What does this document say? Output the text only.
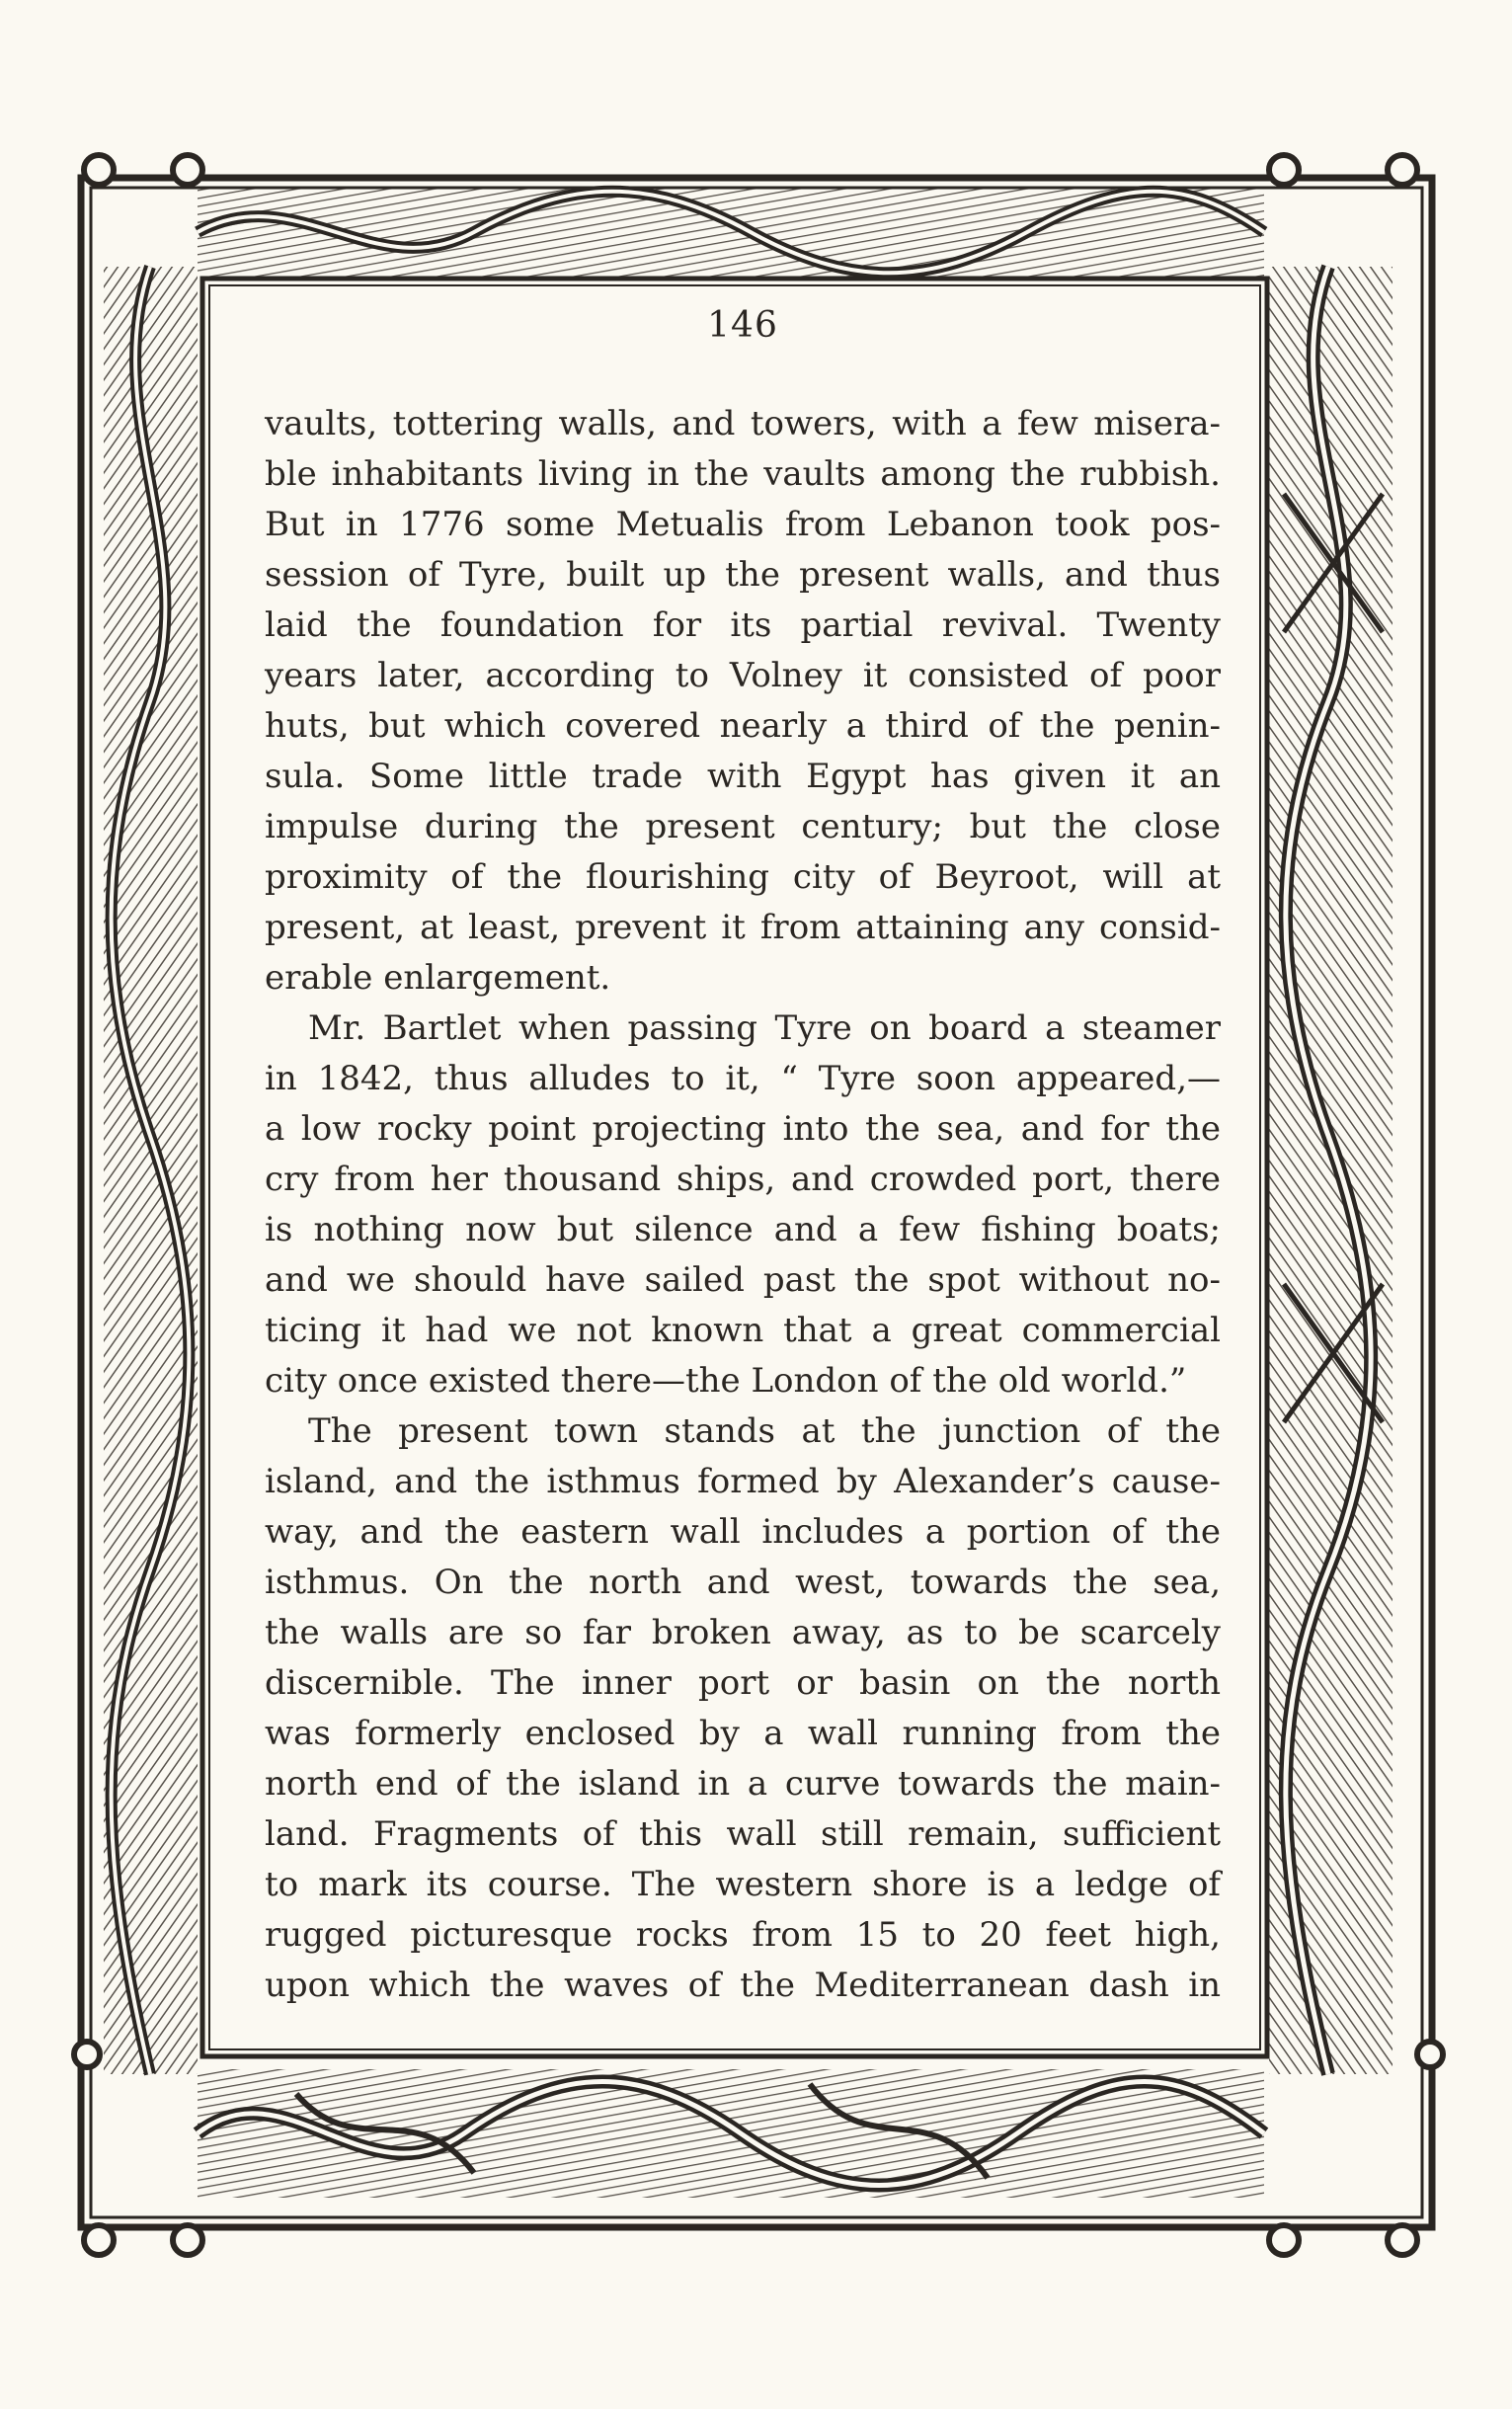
146
vaults, tottering walls, and towers, with a few misera-
ble inhabitants living in the vaults among the rubbish.
But in 1776 some Metualis from Lebanon took pos-
session of Tyre, built up the present walls, and thus
laid the foundation for its partial revival. Twenty
years later, according to Volney it consisted of poor
huts, but which covered nearly a third of the penin-
sula. Some little trade with Egypt has given it an
impulse during the present century; but the close
proximity of the flourishing city of Beyroot, will at
present, at least, prevent it from attaining any consid-
erable enlargement.
Mr. Bartlet when passing Tyre on board a steamer
in 1842, thus alludes to it, “ Tyre soon appeared,—
a low rocky point projecting into the sea, and for the
cry from her thousand ships, and crowded port, there
is nothing now but silence and a few fishing boats;
and we should have sailed past the spot without no-
ticing it had we not known that a great commercial
city once existed there—the London of the old world.”
The present town stands at the junction of the
island, and the isthmus formed by Alexander’s cause-
way, and the eastern wall includes a portion of the
isthmus. On the north and west, towards the sea,
the walls are so far broken away, as to be scarcely
discernible. The inner port or basin on the north
was formerly enclosed by a wall running from the
north end of the island in a curve towards the main-
land. Fragments of this wall still remain, sufficient
to mark its course. The western shore is a ledge of
rugged picturesque rocks from 15 to 20 feet high,
upon which the waves of the Mediterranean dash in
